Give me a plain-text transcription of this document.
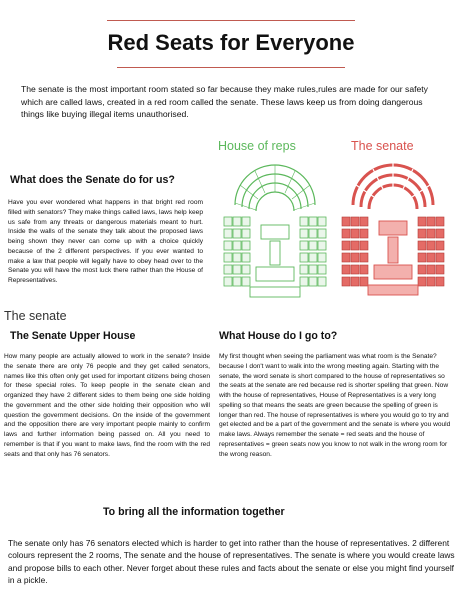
Red Seats for Everyone
The senate is the most important room stated so far because they make rules,rules are made for our safety which are called laws, created in a red room called the senate. These laws keep us from doing dangerous things like buying illegal items unauthorised.
House of reps	The senate
What does the Senate do for us?
Have you ever wondered what happens in that bright red room filled with senators? They make things called laws, laws help keep us safe from any threats or dangerous materials meant to hurt. Inside the walls of the senate they talk about the proposed laws being shown they never can come up with a choice quickly because of the 2 different perspectives. If you ever wanted to make a law that people will legally have to obey head over to the Senate you will have the most luck there rather than the House of Representatives.
The senate
The Senate Upper House
How many people are actually allowed to work in the senate? Inside the senate there are only 76 people and they get called senators, names like this often only get used for important citizens being chosen for these special roles. To keep people in the senate clean and organized they have 2 different sides to them being one side holding the government and the other side holding their opposition who will question the government decisions. On the inside of the government and the opposition there are very important people mainly to confirm laws and further information being passed on. All you need to remember is that if you want to make laws, find the room with the red seats and that only has 76 senators.
What House do I go to?
My first thought when seeing the parliament was what room is the Senate? because I don't want to walk into the wrong meeting again. Starting with the senate, the word senate is short compared to the house of representatives so the seats at the senate are red because red is shorter spelling that green. Now with the house of representatives, House of Representatives is a very long spelling so that means the seats are green because the spelling of green is longer than red. The house of representatives is where you would go to try and get elected and be a part of the government and the senate is where you would make laws. Always remember the senate = red seats and the house of representatives = green seats now you know to not walk in the wrong room for the wrong reason.
To bring all the information together
The senate only has 76 senators elected which is harder to get into rather than the house of representatives. 2 different colours represent the 2 rooms, The senate and the house of representatives. The senate is where you would create laws and propose bills to each other. Never forget about these rules and facts about the senate or else you might find yourself in a pickle.
